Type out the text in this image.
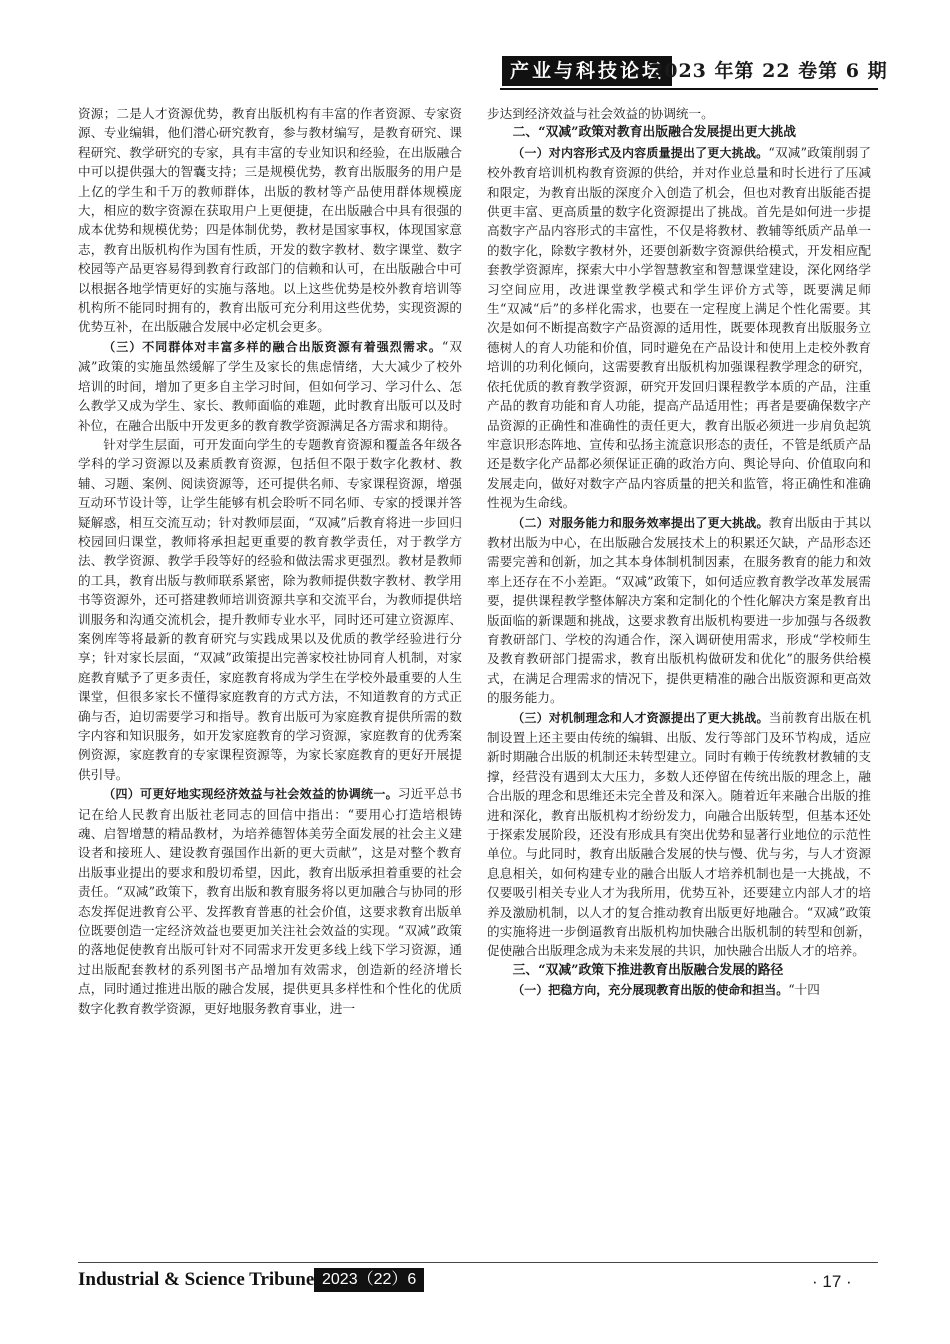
产业与科技论坛
2023 年第 22 卷第 6 期

资源；二是人才资源优势，教育出版机构有丰富的作者资源、专家资源、专业编辑，他们潜心研究教育，参与教材编写，是教育研究、课程研究、教学研究的专家，具有丰富的专业知识和经验，在出版融合中可以提供强大的智囊支持；三是规模优势，教育出版服务的用户是上亿的学生和千万的教师群体，出版的教材等产品使用群体规模庞大，相应的数字资源在获取用户上更便捷，在出版融合中具有很强的成本优势和规模优势；四是体制优势，教材是国家事权，体现国家意志，教育出版机构作为国有性质，开发的数字教材、数字课堂、数字校园等产品更容易得到教育行政部门的信赖和认可，在出版融合中可以根据各地学情更好的实施与落地。以上这些优势是校外教育培训等机构所不能同时拥有的，教育出版可充分利用这些优势，实现资源的优势互补，在出版融合发展中必定机会更多。

（三）不同群体对丰富多样的融合出版资源有着强烈需求。“双减”政策的实施虽然缓解了学生及家长的焦虑情绪，大大减少了校外培训的时间，增加了更多自主学习时间，但如何学习、学习什么、怎么教学又成为学生、家长、教师面临的难题，此时教育出版可以及时补位，在融合出版中开发更多的教育教学资源满足各方需求和期待。

针对学生层面，可开发面向学生的专题教育资源和覆盖各年级各学科的学习资源以及素质教育资源，包括但不限于数字化教材、教辅、习题、案例、阅读资源等，还可提供名师、专家课程资源，增强互动环节设计等，让学生能够有机会聆听不同名师、专家的授课并答疑解惑，相互交流互动；针对教师层面，“双减”后教育将进一步回归校园回归课堂，教师将承担起更重要的教育教学责任，对于教学方法、教学资源、教学手段等好的经验和做法需求更强烈。教材是教师的工具，教育出版与教师联系紧密，除为教师提供数字教材、教学用书等资源外，还可搭建教师培训资源共享和交流平台，为教师提供培训服务和沟通交流机会，提升教师专业水平，同时还可建立资源库、案例库等将最新的教育研究与实践成果以及优质的教学经验进行分享；针对家长层面，“双减”政策提出完善家校社协同育人机制，对家庭教育赋予了更多责任，家庭教育将成为学生在学校外最重要的人生课堂，但很多家长不懂得家庭教育的方式方法，不知道教育的方式正确与否，迫切需要学习和指导。教育出版可为家庭教育提供所需的数字内容和知识服务，如开发家庭教育的学习资源，家庭教育的优秀案例资源，家庭教育的专家课程资源等，为家长家庭教育的更好开展提供引导。

（四）可更好地实现经济效益与社会效益的协调统一。习近平总书记在给人民教育出版社老同志的回信中指出：“要用心打造培根铸魂、启智增慧的精品教材，为培养德智体美劳全面发展的社会主义建设者和接班人、建设教育强国作出新的更大贡献”，这是对整个教育出版事业提出的要求和殷切希望，因此，教育出版承担着重要的社会责任。“双减”政策下，教育出版和教育服务将以更加融合与协同的形态发挥促进教育公平、发挥教育普惠的社会价值，这要求教育出版单位既要创造一定经济效益也要更加关注社会效益的实现。“双减”政策的落地促使教育出版可针对不同需求开发更多线上线下学习资源，通过出版配套教材的系列图书产品增加有效需求，创造新的经济增长点，同时通过推进出版的融合发展，提供更具多样性和个性化的优质数字化教育教学资源，更好地服务教育事业，进一

步达到经济效益与社会效益的协调统一。

二、“双减”政策对教育出版融合发展提出更大挑战

（一）对内容形式及内容质量提出了更大挑战。“双减”政策削弱了校外教育培训机构教育资源的供给，并对作业总量和时长进行了压减和限定，为教育出版的深度介入创造了机会，但也对教育出版能否提供更丰富、更高质量的数字化资源提出了挑战。首先是如何进一步提高数字产品内容形式的丰富性，不仅是将教材、教辅等纸质产品单一的数字化，除数字教材外，还要创新数字资源供给模式，开发相应配套教学资源库，探索大中小学智慧教室和智慧课堂建设，深化网络学习空间应用，改进课堂教学模式和学生评价方式等，既要满足师生“双减“后”的多样化需求，也要在一定程度上满足个性化需要。其次是如何不断提高数字产品资源的适用性，既要体现教育出版服务立德树人的育人功能和价值，同时避免在产品设计和使用上走校外教育培训的功利化倾向，这需要教育出版机构加强课程教学理念的研究，依托优质的教育教学资源，研究开发回归课程教学本质的产品，注重产品的教育功能和育人功能，提高产品适用性；再者是要确保数字产品资源的正确性和准确性的责任更大，教育出版必须进一步肩负起筑牢意识形态阵地、宣传和弘扬主流意识形态的责任，不管是纸质产品还是数字化产品都必须保证正确的政治方向、舆论导向、价值取向和发展走向，做好对数字产品内容质量的把关和监管，将正确性和准确性视为生命线。

（二）对服务能力和服务效率提出了更大挑战。教育出版由于其以教材出版为中心，在出版融合发展技术上的积累还欠缺，产品形态还需要完善和创新，加之其本身体制机制因素，在服务教育的能力和效率上还存在不小差距。“双减”政策下，如何适应教育教学改革发展需要，提供课程教学整体解决方案和定制化的个性化解决方案是教育出版面临的新课题和挑战，这要求教育出版机构要进一步加强与各级教育教研部门、学校的沟通合作，深入调研使用需求，形成“学校师生及教育教研部门提需求，教育出版机构做研发和优化”的服务供给模式，在满足合理需求的情况下，提供更精准的融合出版资源和更高效的服务能力。

（三）对机制理念和人才资源提出了更大挑战。当前教育出版在机制设置上还主要由传统的编辑、出版、发行等部门及环节构成，适应新时期融合出版的机制还未转型建立。同时有赖于传统教材教辅的支撑，经营没有遇到太大压力，多数人还停留在传统出版的理念上，融合出版的理念和思维还未完全普及和深入。随着近年来融合出版的推进和深化，教育出版机构才纷纷发力，向融合出版转型，但基本还处于探索发展阶段，还没有形成具有突出优势和显著行业地位的示范性单位。与此同时，教育出版融合发展的快与慢、优与劣，与人才资源息息相关，如何构建专业的融合出版人才培养机制也是一大挑战，不仅要吸引相关专业人才为我所用，优势互补，还要建立内部人才的培养及激励机制，以人才的复合推动教育出版更好地融合。“双减”政策的实施将进一步倒逼教育出版机构加快融合出版机制的转型和创新，促使融合出版理念成为未来发展的共识，加快融合出版人才的培养。

三、“双减”政策下推进教育出版融合发展的路径

（一）把稳方向，充分展现教育出版的使命和担当。“十四

Industrial & Science Tribune 2023（22）6	· 17 ·
